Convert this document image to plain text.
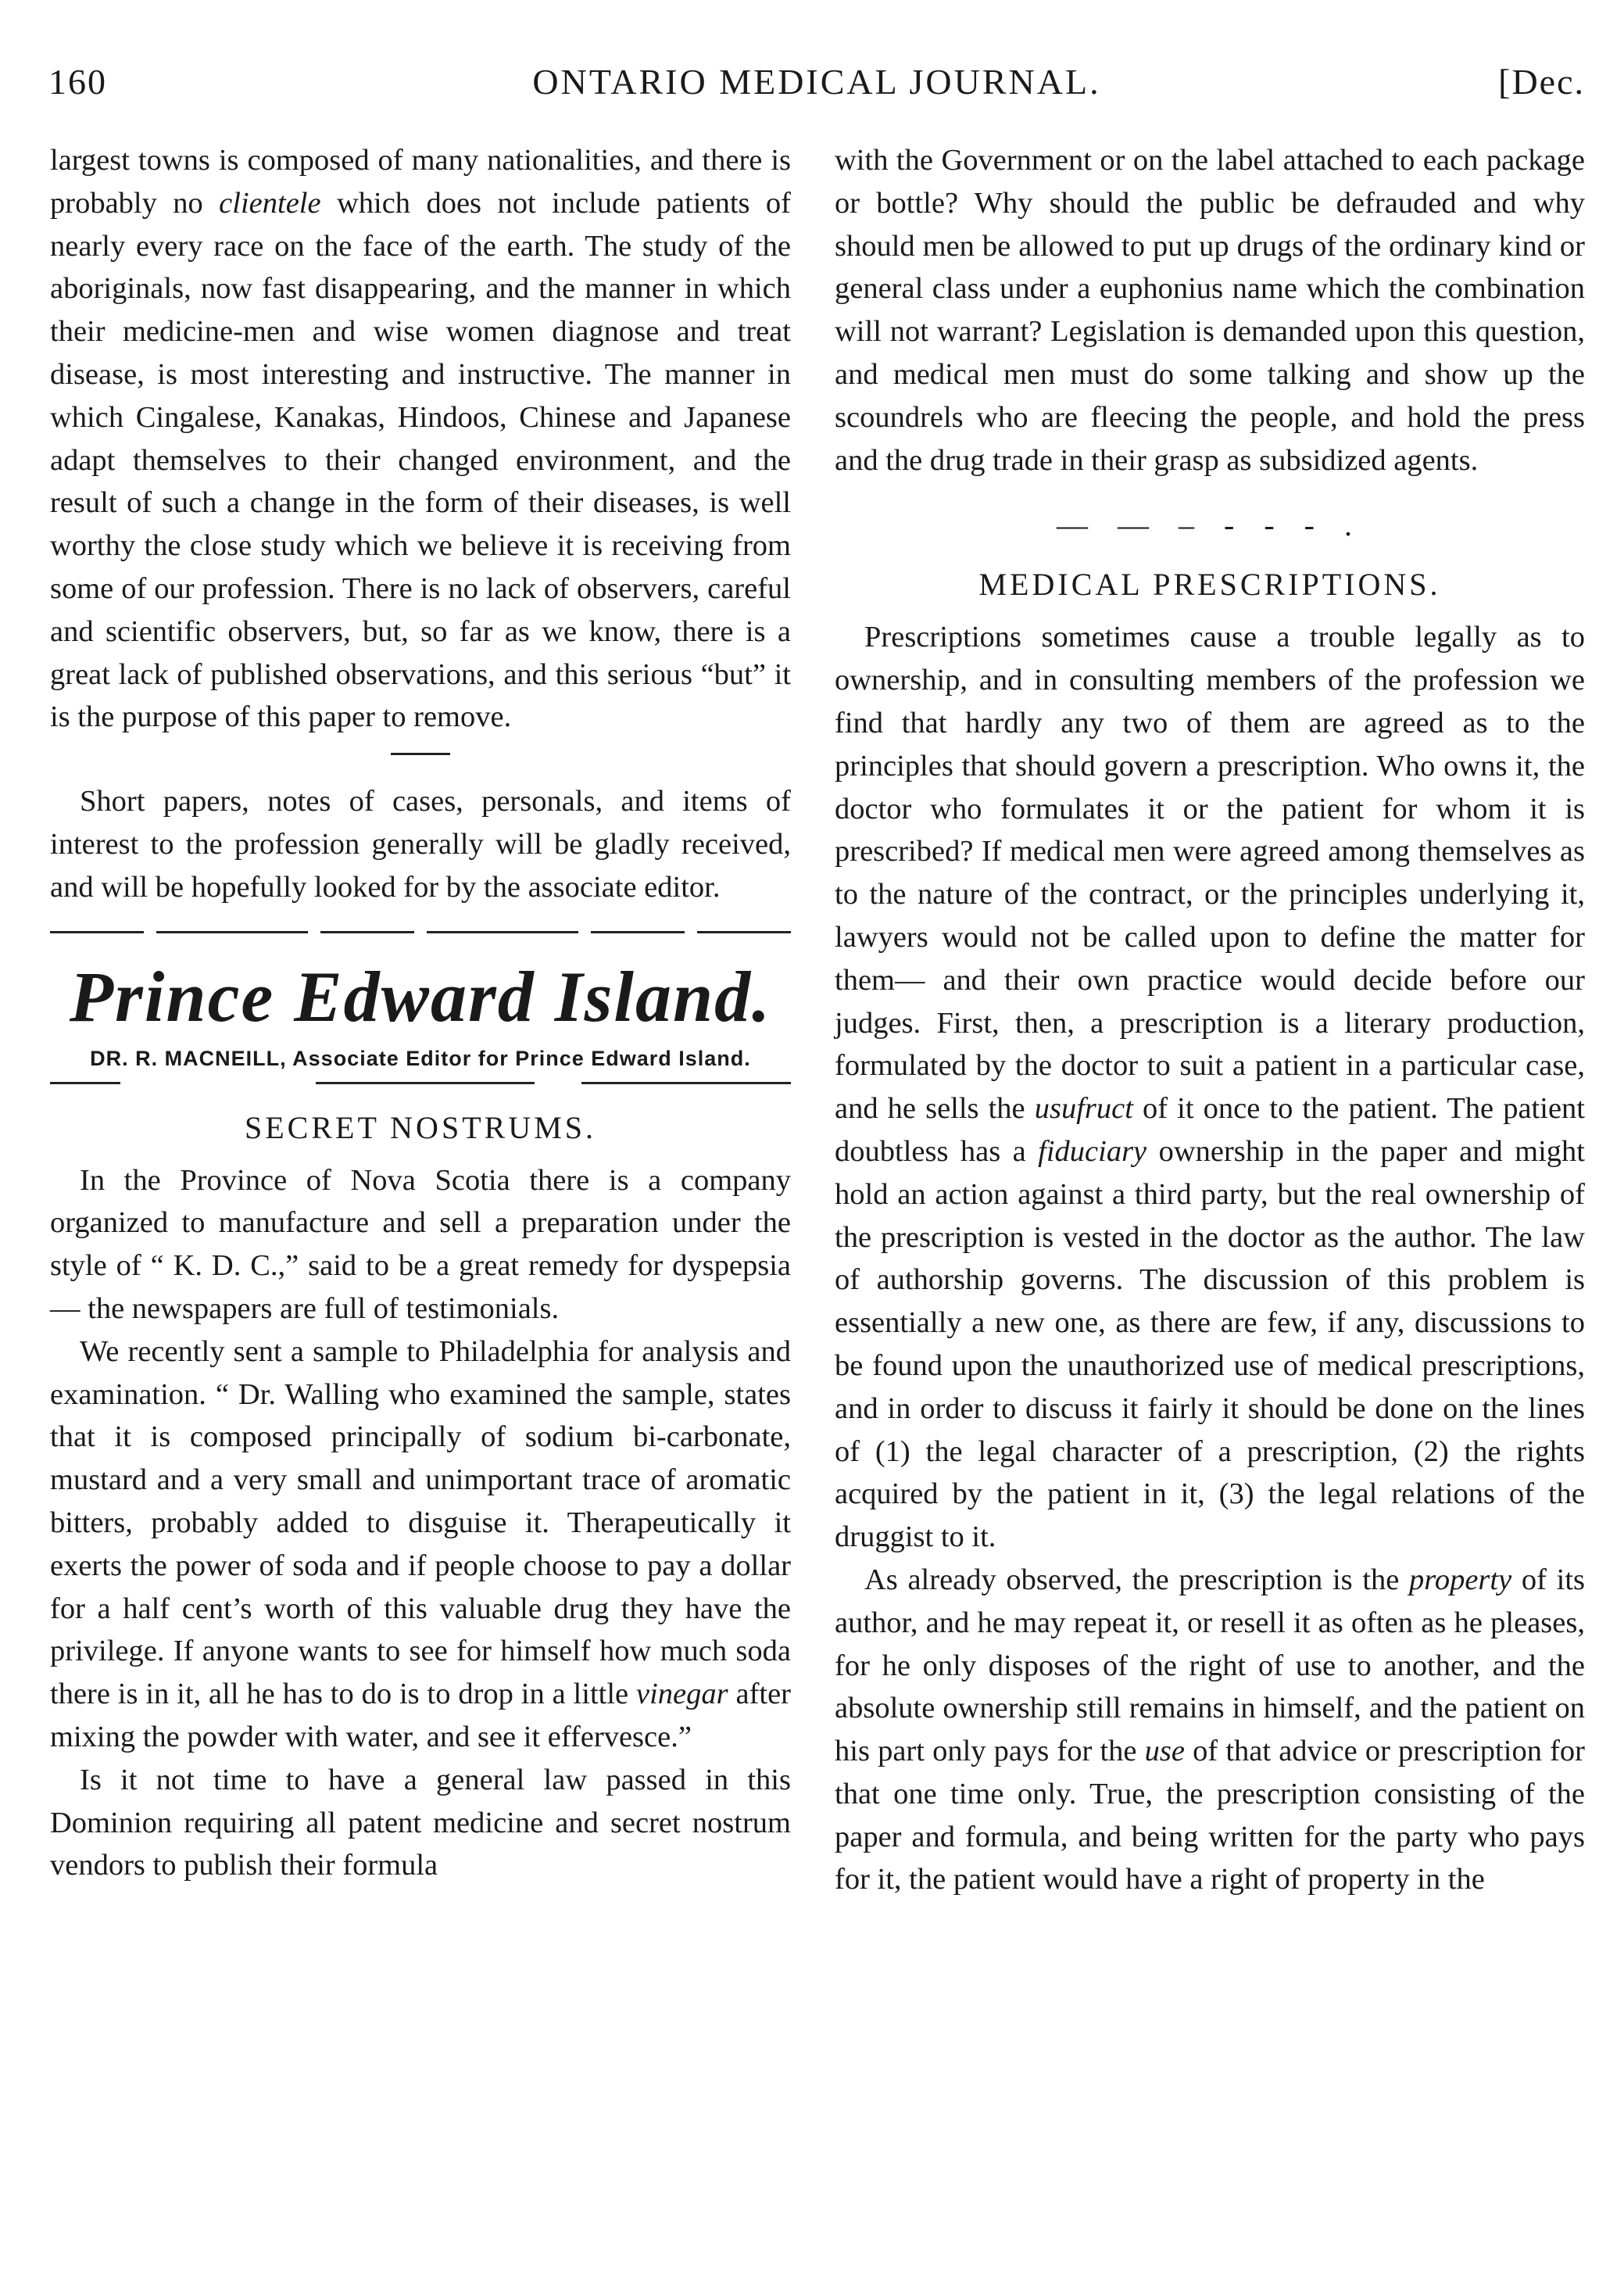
160	ONTARIO MEDICAL JOURNAL.	[Dec.

largest towns is composed of many nationalities, and there is probably no clientele which does not include patients of nearly every race on the face of the earth. The study of the aboriginals, now fast disappearing, and the manner in which their medicine-men and wise women diagnose and treat disease, is most interesting and instructive. The manner in which Cingalese, Kanakas, Hindoos, Chinese and Japanese adapt themselves to their changed environment, and the result of such a change in the form of their diseases, is well worthy the close study which we believe it is receiving from some of our profession. There is no lack of observers, careful and scientific observers, but, so far as we know, there is a great lack of published observations, and this serious “but” it is the purpose of this paper to remove.

Short papers, notes of cases, personals, and items of interest to the profession generally will be gladly received, and will be hopefully looked for by the associate editor.

Prince Edward Island.
DR. R. MACNEILL, Associate Editor for Prince Edward Island.
SECRET NOSTRUMS.

In the Province of Nova Scotia there is a company organized to manufacture and sell a preparation under the style of “ K. D. C.,” said to be a great remedy for dyspepsia— the newspapers are full of testimonials.

We recently sent a sample to Philadelphia for analysis and examination. “ Dr. Walling who examined the sample, states that it is composed principally of sodium bi-carbonate, mustard and a very small and unimportant trace of aromatic bitters, probably added to disguise it. Therapeutically it exerts the power of soda and if people choose to pay a dollar for a half cent’s worth of this valuable drug they have the privilege. If anyone wants to see for himself how much soda there is in it, all he has to do is to drop in a little vinegar after mixing the powder with water, and see it effervesce.”

Is it not time to have a general law passed in this Dominion requiring all patent medicine and secret nostrum vendors to publish their formula

with the Government or on the label attached to each package or bottle? Why should the public be defrauded and why should men be allowed to put up drugs of the ordinary kind or general class under a euphonius name which the combination will not warrant? Legislation is demanded upon this question, and medical men must do some talking and show up the scoundrels who are fleecing the people, and hold the press and the drug trade in their grasp as subsidized agents.

— — – - - - .
MEDICAL PRESCRIPTIONS.

Prescriptions sometimes cause a trouble legally as to ownership, and in consulting members of the profession we find that hardly any two of them are agreed as to the principles that should govern a prescription. Who owns it, the doctor who formulates it or the patient for whom it is prescribed? If medical men were agreed among themselves as to the nature of the contract, or the principles underlying it, lawyers would not be called upon to define the matter for them— and their own practice would decide before our judges. First, then, a prescription is a literary production, formulated by the doctor to suit a patient in a particular case, and he sells the usufruct of it once to the patient. The patient doubtless has a fiduciary ownership in the paper and might hold an action against a third party, but the real ownership of the prescription is vested in the doctor as the author. The law of authorship governs. The discussion of this problem is essentially a new one, as there are few, if any, discussions to be found upon the unauthorized use of medical prescriptions, and in order to discuss it fairly it should be done on the lines of (1) the legal character of a prescription, (2) the rights acquired by the patient in it, (3) the legal relations of the druggist to it.

As already observed, the prescription is the property of its author, and he may repeat it, or resell it as often as he pleases, for he only disposes of the right of use to another, and the absolute ownership still remains in himself, and the patient on his part only pays for the use of that advice or prescription for that one time only. True, the prescription consisting of the paper and formula, and being written for the party who pays for it, the patient would have a right of property in the
